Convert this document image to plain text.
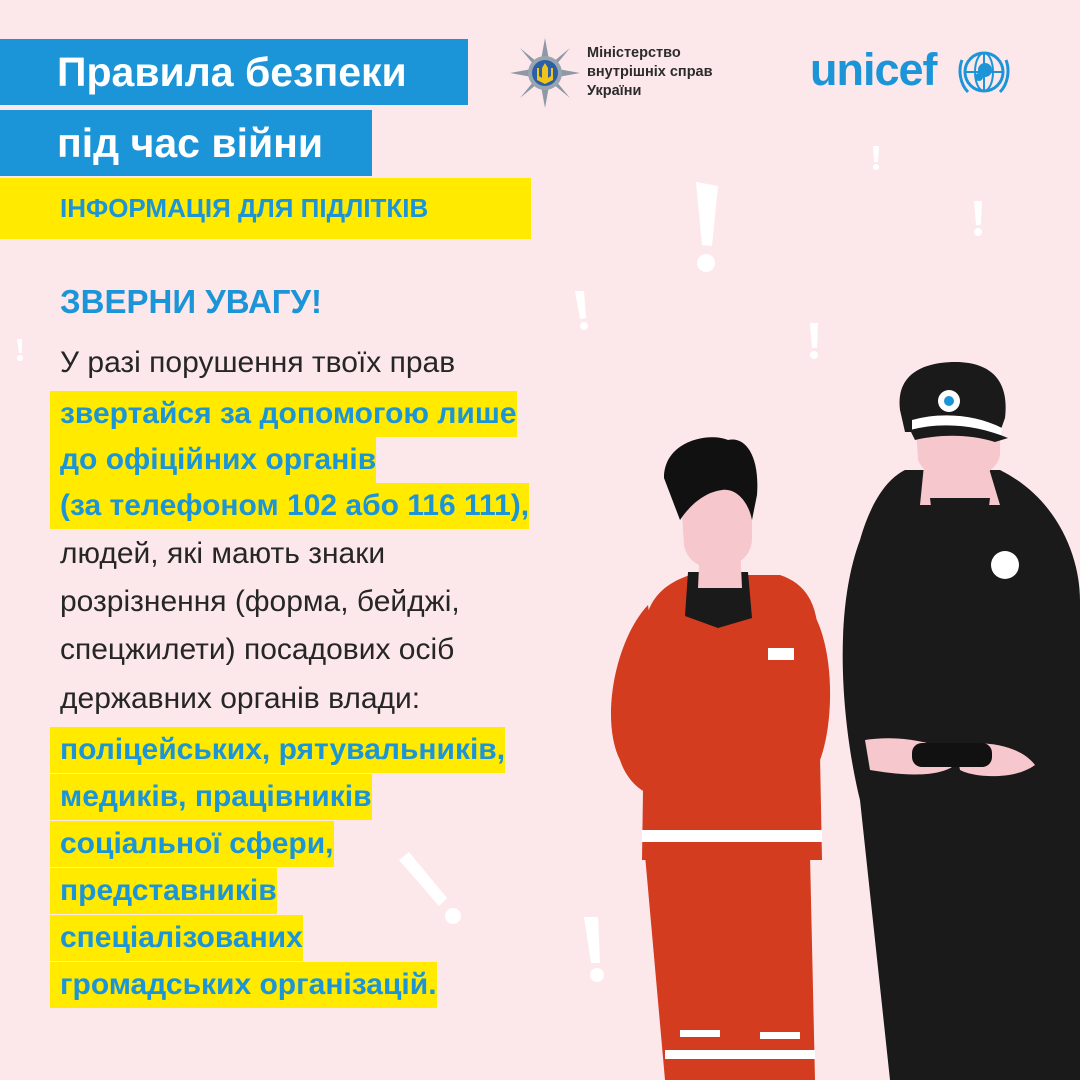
Правила безпеки
під час війни
ІНФОРМАЦІЯ ДЛЯ ПІДЛІТКІВ
Міністерство
внутрішніх справ
України	unicef
ЗВЕРНИ УВАГУ!
У разі порушення твоїх прав
звертайся за допомогою лише
до офіційних органів
(за телефоном 102 або 116 111),
людей, які мають знаки
розрізнення (форма, бейджі,
спецжилети) посадових осіб
державних органів влади:
поліцейських, рятувальників,
медиків, працівників
соціальної сфери,
представників
спеціалізованих
громадських організацій.
